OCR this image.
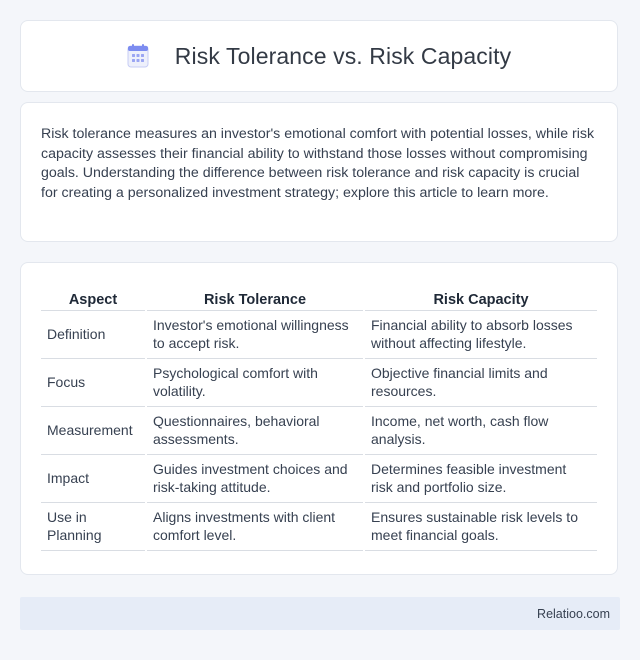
Risk Tolerance vs. Risk Capacity

Risk tolerance measures an investor's emotional comfort with potential losses, while risk capacity assesses their financial ability to withstand those losses without compromising goals. Understanding the difference between risk tolerance and risk capacity is crucial for creating a personalized investment strategy; explore this article to learn more.

Aspect	Risk Tolerance	Risk Capacity
Definition	Investor's emotional willingness to accept risk.	Financial ability to absorb losses without affecting lifestyle.
Focus	Psychological comfort with volatility.	Objective financial limits and resources.
Measurement	Questionnaires, behavioral assessments.	Income, net worth, cash flow analysis.
Impact	Guides investment choices and risk-taking attitude.	Determines feasible investment risk and portfolio size.
Use in Planning	Aligns investments with client comfort level.	Ensures sustainable risk levels to meet financial goals.
Relatioo.com
